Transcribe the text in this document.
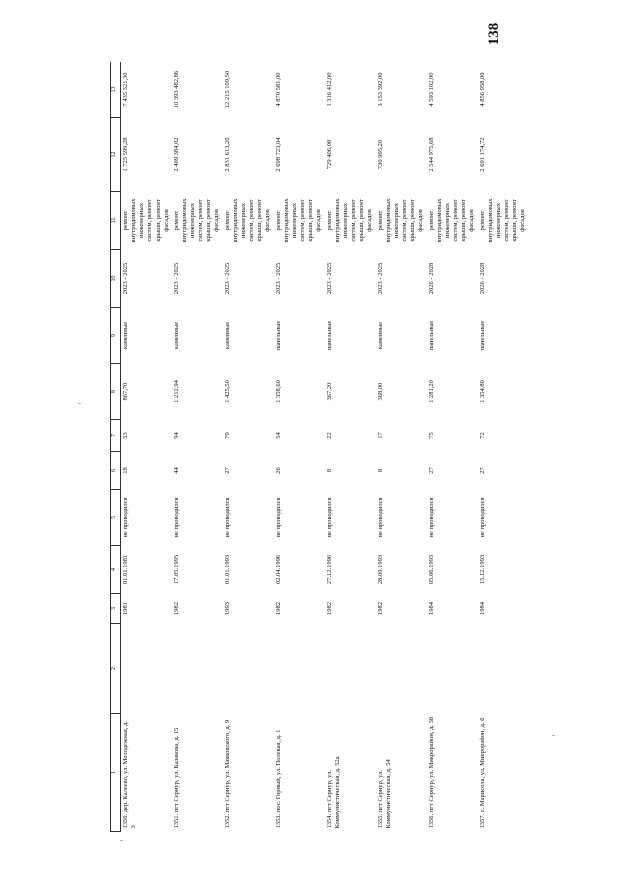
138
1	2	3	4	5	6	7	8	9	10	11	12	13
1350. дер. Калеево, ул. Молодежная, д. 3		1981	01.01.1981	не проводился	18	33	867,70	каменные	2023 - 2025	ремонт внутридомовых инженерных систем, ремонт крыши, ремонт фасадов	1 725 599,28	7 435 321,30
1351. пгт Сернур, ул. Казакова, д. 15		1982	17.05.1995	не проводился	44	94	1 212,94	каменные	2023 - 2025	ремонт внутридомовых инженерных систем, ремонт крыши, ремонт фасадов	2 409 384,02	10 393 482,86
1352. пгт Сернур, ул. Маяковского, д. 9		1993	01.01.1993	не проводился	27	70	1 425,50	каменные	2023 - 2025	ремонт внутридомовых инженерных систем, ремонт крыши, ремонт фасадов	2 831 613,20	12 215 109,50
1353. пос. Горный, ул. Полевая, д. 1		1982	02.04.1996	не проводился	26	54	1 358,60	панельные	2023 - 2025	ремонт внутридомовых инженерных систем, ремонт крыши, ремонт фасадов	2 698 723,04	4 870 581,00
1354. пгт Сернур, ул. Коммунистическая, д. 52а		1982	27.12.1996	не проводился	8	22	367,20	панельные	2023 - 2025	ремонт внутридомовых инженерных систем, ремонт крыши, ремонт фасадов	729 406,08	1 316 412,00
1355. пгт Сернур, ул. Коммунистическая, д. 54		1982	28.09.1993	не проводился	8	17	368,00	каменные	2023 - 2025	ремонт внутридомовых инженерных систем, ремонт крыши, ремонт фасадов	730 995,20	3 153 392,00
1356. пгт Сернур, ул. Микрорайон, д. 38		1984	05.06.1993	не проводился	27	75	1 281,20	панельные	2026 - 2028	ремонт внутридомовых инженерных систем, ремонт крыши, ремонт фасадов	2 544 975,68	4 593 102,00
1357. с. Марисола, ул. Микрорайон, д. 6		1984	15.12.1993	не проводился	27	72	1 354,80	панельные	2026 - 2028	ремонт внутридомовых инженерных систем, ремонт крыши, ремонт фасадов	2 691 174,72	4 856 958,00
